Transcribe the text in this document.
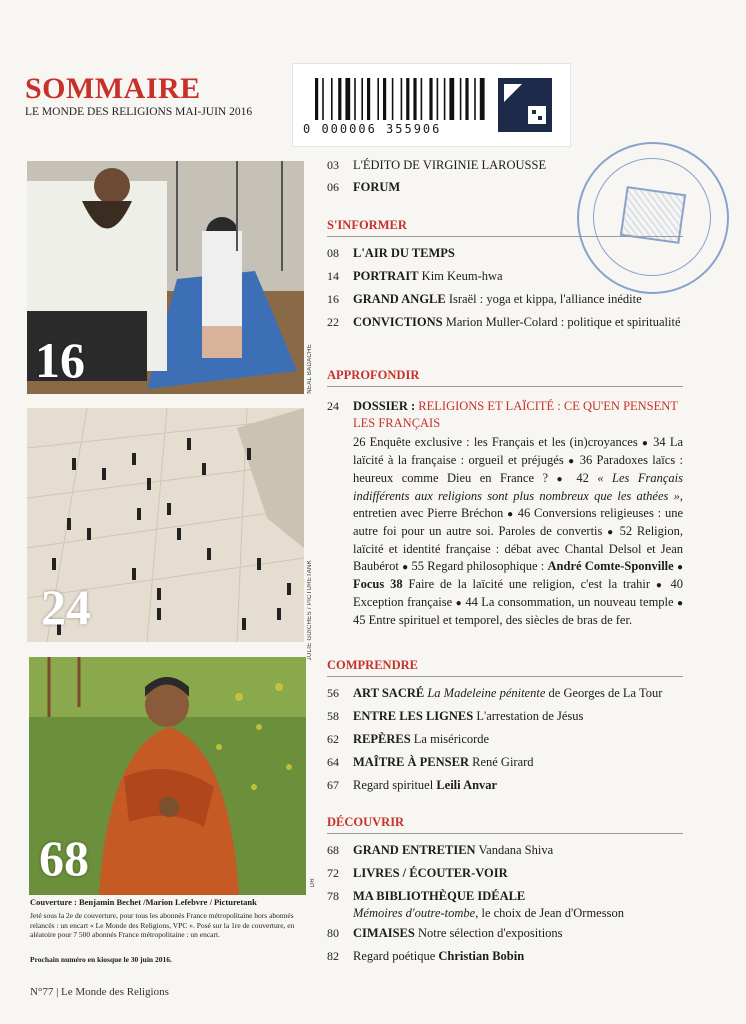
SOMMAIRE
LE MONDE DES RELIGIONS MAI-JUIN 2016
0 000006 355906
16	NEAL BADACHE
24	JULIE GUICHES / PICTURETANK
68	DR
Couverture : Benjamin Bechet /Marion Lefebvre / Picturetank
Jeté sous la 2e de couverture, pour tous les abonnés France métropolitaine hors abonnés relancés : un encart « Le Monde des Religions, VPC ». Posé sur la 1re de couverture, en aléatoire pour 7 500 abonnés France métropolitaine : un encart.
Prochain numéro en kiosque le 30 juin 2016.
N°77 | Le Monde des Religions
03	L'ÉDITO DE VIRGINIE LAROUSSE
06	FORUM
S'INFORMER
08	L'AIR DU TEMPS
14	PORTRAIT Kim Keum-hwa
16	GRAND ANGLE Israël : yoga et kippa, l'alliance inédite
22	CONVICTIONS Marion Muller-Colard : politique et spiritualité
APPROFONDIR
24	DOSSIER : RELIGIONS ET LAÏCITÉ : CE QU'EN PENSENT LES FRANÇAIS
26 Enquête exclusive : les Français et les (in)croyances ● 34 La laïcité à la française : orgueil et préjugés ● 36 Paradoxes laïcs : heureux comme Dieu en France ? ● 42 « Les Français indifférents aux religions sont plus nombreux que les athées », entretien avec Pierre Bréchon ● 46 Conversions religieuses : une autre foi pour un autre soi. Paroles de convertis ● 52 Religion, laïcité et identité française : débat avec Chantal Delsol et Jean Baubérot ● 55 Regard philosophique : André Comte-Sponville ● Focus 38 Faire de la laïcité une religion, c'est la trahir ● 40 Exception française ● 44 La consommation, un nouveau temple ● 45 Entre spirituel et temporel, des siècles de bras de fer.
COMPRENDRE
56	ART SACRÉ La Madeleine pénitente de Georges de La Tour
58	ENTRE LES LIGNES L'arrestation de Jésus
62	REPÈRES La miséricorde
64	MAÎTRE À PENSER René Girard
67	Regard spirituel Leili Anvar
DÉCOUVRIR
68	GRAND ENTRETIEN Vandana Shiva
72	LIVRES / ÉCOUTER-VOIR
78	MA BIBLIOTHÈQUE IDÉALE
Mémoires d'outre-tombe, le choix de Jean d'Ormesson
80	CIMAISES Notre sélection d'expositions
82	Regard poétique Christian Bobin
